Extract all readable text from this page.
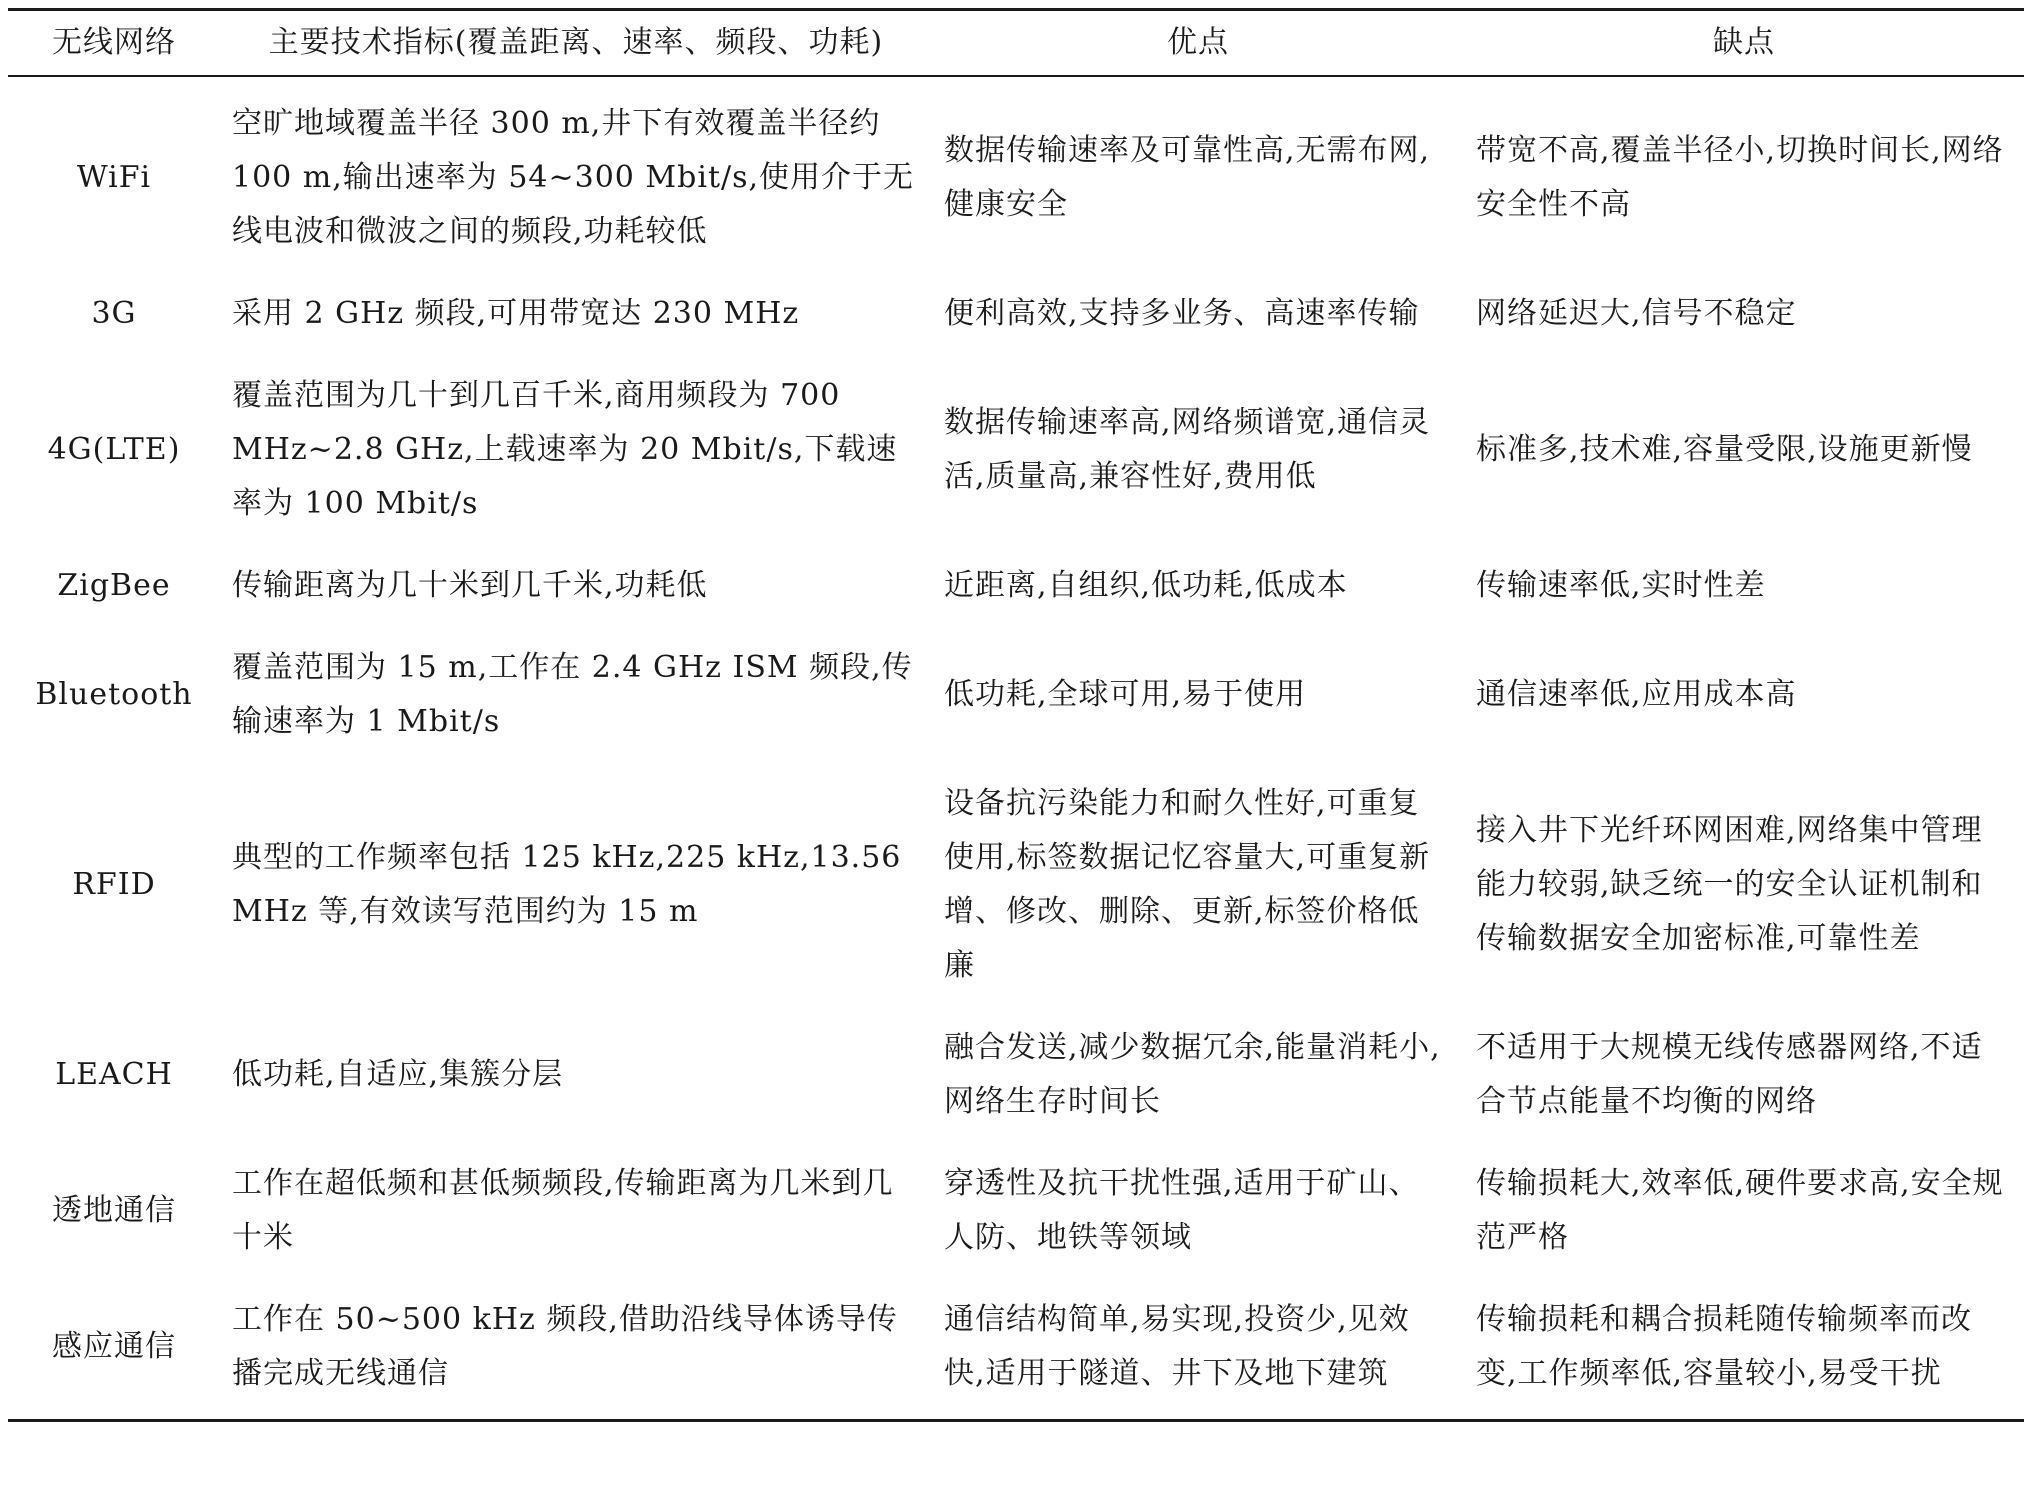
无线网络	主要技术指标(覆盖距离、速率、频段、功耗)	优点	缺点
WiFi	空旷地域覆盖半径 300 m,井下有效覆盖半径约 100 m,输出速率为 54~300 Mbit/s,使用介于无线电波和微波之间的频段,功耗较低	数据传输速率及可靠性高,无需布网,健康安全	带宽不高,覆盖半径小,切换时间长,网络安全性不高
3G	采用 2 GHz 频段,可用带宽达 230 MHz	便利高效,支持多业务、高速率传输	网络延迟大,信号不稳定
4G(LTE)	覆盖范围为几十到几百千米,商用频段为 700 MHz~2.8 GHz,上载速率为 20 Mbit/s,下载速率为 100 Mbit/s	数据传输速率高,网络频谱宽,通信灵活,质量高,兼容性好,费用低	标准多,技术难,容量受限,设施更新慢
ZigBee	传输距离为几十米到几千米,功耗低	近距离,自组织,低功耗,低成本	传输速率低,实时性差
Bluetooth	覆盖范围为 15 m,工作在 2.4 GHz ISM 频段,传输速率为 1 Mbit/s	低功耗,全球可用,易于使用	通信速率低,应用成本高
RFID	典型的工作频率包括 125 kHz,225 kHz,13.56 MHz 等,有效读写范围约为 15 m	设备抗污染能力和耐久性好,可重复使用,标签数据记忆容量大,可重复新增、修改、删除、更新,标签价格低廉	接入井下光纤环网困难,网络集中管理能力较弱,缺乏统一的安全认证机制和传输数据安全加密标准,可靠性差
LEACH	低功耗,自适应,集簇分层	融合发送,减少数据冗余,能量消耗小,网络生存时间长	不适用于大规模无线传感器网络,不适合节点能量不均衡的网络
透地通信	工作在超低频和甚低频频段,传输距离为几米到几十米	穿透性及抗干扰性强,适用于矿山、人防、地铁等领域	传输损耗大,效率低,硬件要求高,安全规范严格
感应通信	工作在 50~500 kHz 频段,借助沿线导体诱导传播完成无线通信	通信结构简单,易实现,投资少,见效快,适用于隧道、井下及地下建筑	传输损耗和耦合损耗随传输频率而改变,工作频率低,容量较小,易受干扰
